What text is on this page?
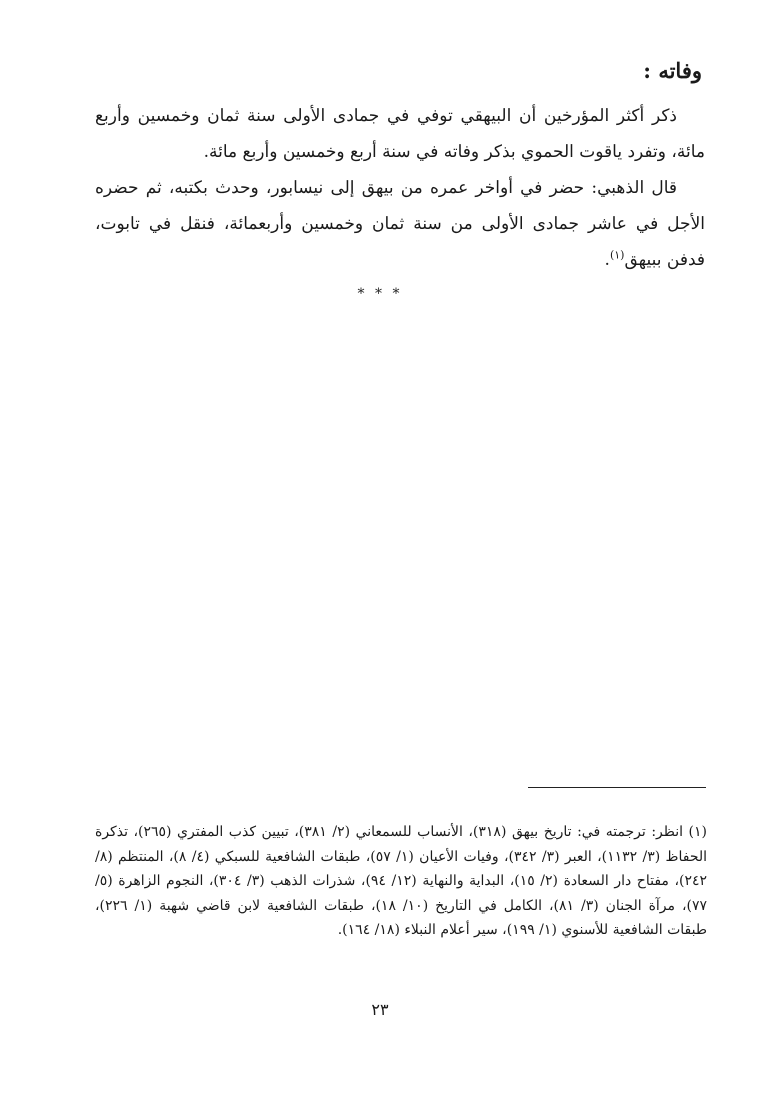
وفاته :

ذكر أكثر المؤرخين أن البيهقي توفي في جمادى الأولى سنة ثمان وخمسين وأربع مائة، وتفرد ياقوت الحموي بذكر وفاته في سنة أربع وخمسين وأربع مائة.

قال الذهبي: حضر في أواخر عمره من بيهق إلى نيسابور، وحدث بكتبه، ثم حضره الأجل في عاشر جمادى الأولى من سنة ثمان وخمسين وأربعمائة، فنقل في تابوت، فدفن ببيهق$^{(١)}$.

* * *

(١) انظر: ترجمته في: تاريخ بيهق (٣١٨)، الأنساب للسمعاني (٢/ ٣٨١)، تبيين كذب المفتري (٢٦٥)، تذكرة الحفاظ (٣/ ١١٣٢)، العبر (٣/ ٣٤٢)، وفيات الأعيان (١/ ٥٧)، طبقات الشافعية للسبكي (٤/ ٨)، المنتظم (٨/ ٢٤٢)، مفتاح دار السعادة (٢/ ١٥)، البداية والنهاية (١٢/ ٩٤)، شذرات الذهب (٣/ ٣٠٤)، النجوم الزاهرة (٥/ ٧٧)، مرآة الجنان (٣/ ٨١)، الكامل في التاريخ (١٠/ ١٨)، طبقات الشافعية لابن قاضي شهبة (١/ ٢٢٦)، طبقات الشافعية للأسنوي (١/ ١٩٩)، سير أعلام النبلاء (١٨/ ١٦٤).

٢٣
